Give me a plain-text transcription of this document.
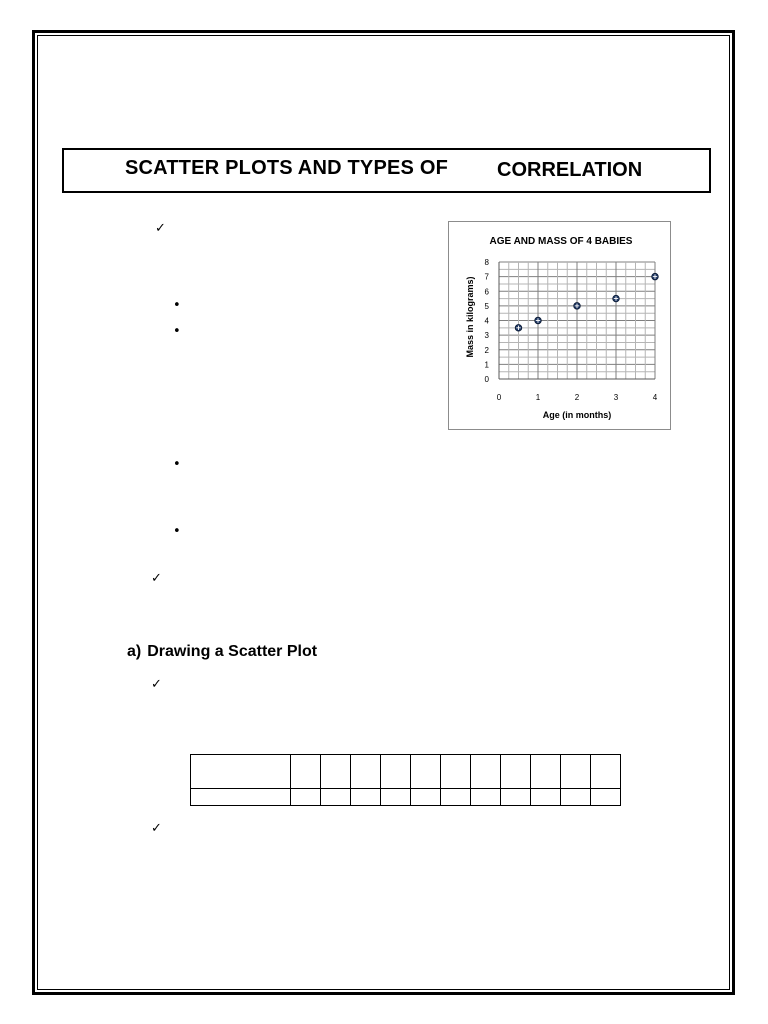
SCATTER PLOTS AND TYPES OF CORRELATION
✓
•
•
•
•
✓
a) Drawing a Scatter Plot
✓
✓
AGE AND MASS OF 4 BABIES
0
1
2
3
4
5
6
7
8
0	1	2	3	4
Age (in months)
Mass in kilograms)
